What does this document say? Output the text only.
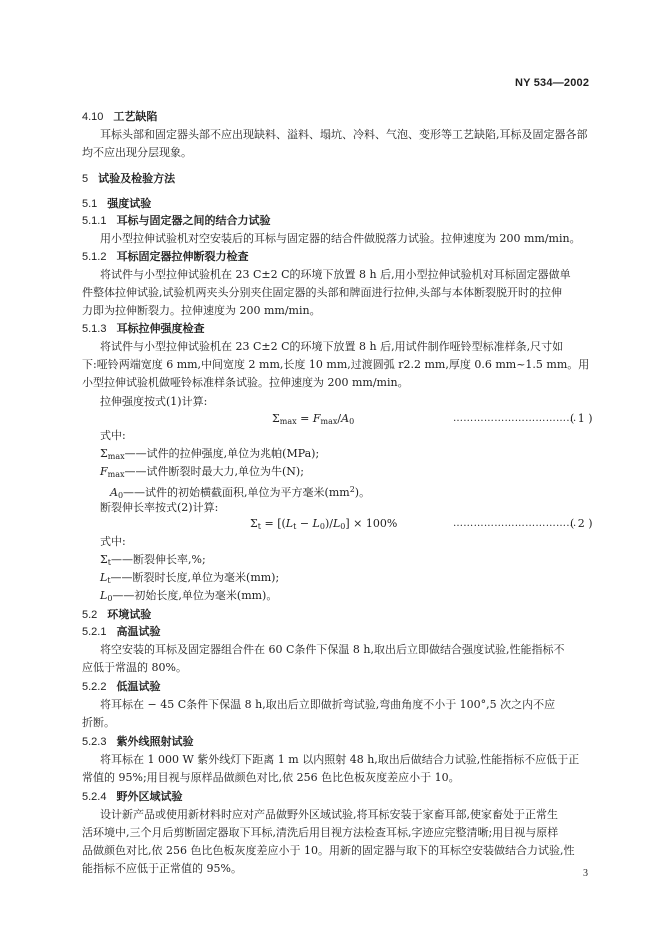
NY 534—2002
4.10 工艺缺陷
耳标头部和固定器头部不应出现缺料、溢料、塌坑、冷料、气泡、变形等工艺缺陷,耳标及固定器各部
均不应出现分层现象。
5 试验及检验方法
5.1 强度试验
5.1.1 耳标与固定器之间的结合力试验
用小型拉伸试验机对空安装后的耳标与固定器的结合件做脱落力试验。拉伸速度为 200 mm/min。
5.1.2 耳标固定器拉伸断裂力检查
将试件与小型拉伸试验机在 23 C±2 C的环境下放置 8 h 后,用小型拉伸试验机对耳标固定器做单
件整体拉伸试验,试验机两夹头分别夹住固定器的头部和牌面进行拉伸,头部与本体断裂脱开时的拉伸
力即为拉伸断裂力。拉伸速度为 200 mm/min。
5.1.3 耳标拉伸强度检查
将试件与小型拉伸试验机在 23 C±2 C的环境下放置 8 h 后,用试件制作哑铃型标准样条,尺寸如
下:哑铃两端宽度 6 mm,中间宽度 2 mm,长度 10 mm,过渡圆弧 r2.2 mm,厚度 0.6 mm~1.5 mm。用
小型拉伸试验机做哑铃标准样条试验。拉伸速度为 200 mm/min。
拉伸强度按式(1)计算:
$\Sigma_{max} = F_{max}/A_0$	………………………………
( 1 )
式中:
$\Sigma_{max}——$试件的拉伸强度,单位为兆帕(MPa);
$F_{max}——$试件断裂时最大力,单位为牛(N);
$A_0——$试件的初始横截面积,单位为平方毫米$(mm^2)$。
断裂伸长率按式(2)计算:
$\Sigma_t = [(L_t - L_0)/L_0] \times 100\%$	………………………………
( 2 )
式中:
$\Sigma_t——$断裂伸长率,%;
$L_t——$断裂时长度,单位为毫米(mm);
$L_0——$初始长度,单位为毫米(mm)。
5.2 环境试验
5.2.1 高温试验
将空安装的耳标及固定器组合件在 60 C条件下保温 8 h,取出后立即做结合强度试验,性能指标不
应低于常温的 80%。
5.2.2 低温试验
将耳标在 − 45 C条件下保温 8 h,取出后立即做折弯试验,弯曲角度不小于 100°,5 次之内不应
折断。
5.2.3 紫外线照射试验
将耳标在 1 000 W 紫外线灯下距离 1 m 以内照射 48 h,取出后做结合力试验,性能指标不应低于正
常值的 95%;用目视与原样品做颜色对比,依 256 色比色板灰度差应小于 10。
5.2.4 野外区域试验
设计新产品或使用新材料时应对产品做野外区域试验,将耳标安装于家畜耳部,使家畜处于正常生
活环境中,三个月后剪断固定器取下耳标,清洗后用目视方法检查耳标,字迹应完整清晰;用目视与原样
品做颜色对比,依 256 色比色板灰度差应小于 10。用新的固定器与取下的耳标空安装做结合力试验,性
能指标不应低于正常值的 95%。	3
